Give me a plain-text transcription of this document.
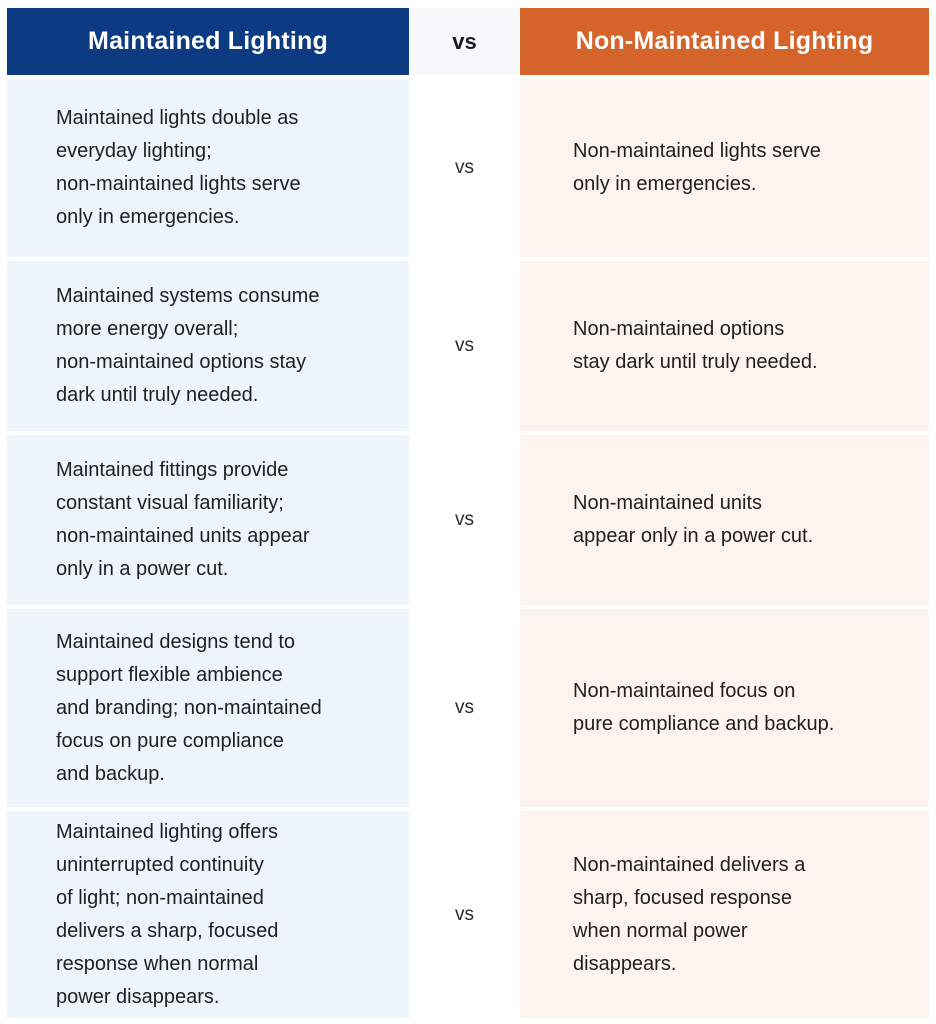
Maintained Lighting	vs	Non-Maintained Lighting

Maintained lights double as
everyday lighting;
non-maintained lights serve
only in emergencies.

vs

Non-maintained lights serve
only in emergencies.

Maintained systems consume
more energy overall;
non-maintained options stay
dark until truly needed.

vs

Non-maintained options
stay dark until truly needed.

Maintained fittings provide
constant visual familiarity;
non-maintained units appear
only in a power cut.

vs

Non-maintained units
appear only in a power cut.

Maintained designs tend to
support flexible ambience
and branding; non-maintained
focus on pure compliance
and backup.

vs

Non-maintained focus on
pure compliance and backup.

Maintained lighting offers
uninterrupted continuity
of light; non-maintained
delivers a sharp, focused
response when normal
power disappears.

vs

Non-maintained delivers a
sharp, focused response
when normal power
disappears.
